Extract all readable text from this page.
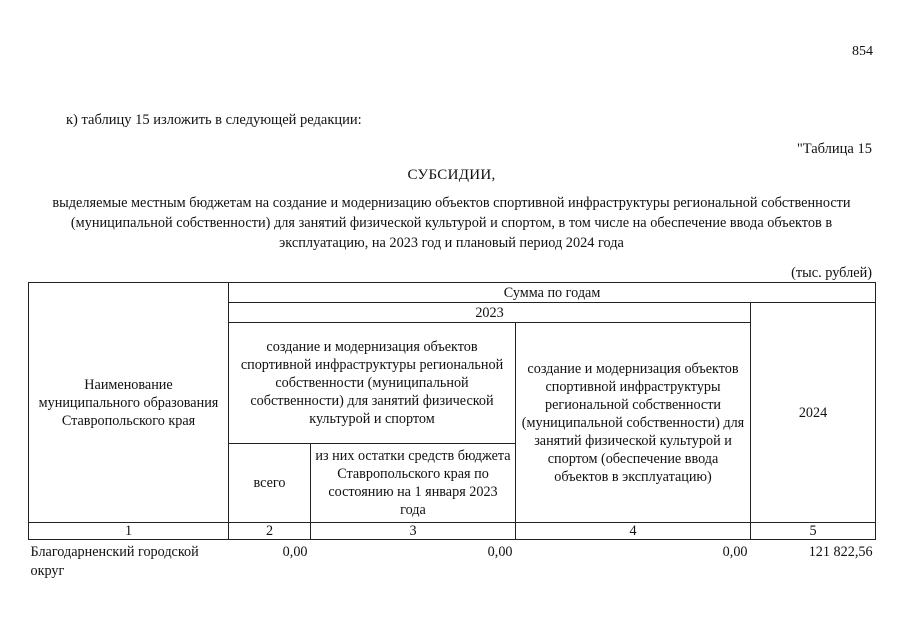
854
к) таблицу 15 изложить в следующей редакции:
"Таблица 15
СУБСИДИИ,
выделяемые местным бюджетам на создание и модернизацию объектов спортивной инфраструктуры региональной собственности (муниципальной собственности) для занятий физической культурой и спортом, в том числе на обеспечение ввода объектов в эксплуатацию, на 2023 год и плановый период 2024 года
(тыс. рублей)
Наименование муниципального образования Ставропольского края	Сумма по годам			
	2023			2024
	создание и модернизация объектов спортивной инфраструктуры региональной собственности (муниципальной собственности) для занятий физической культурой и спортом		создание и модернизация объектов спортивной инфраструктуры региональной собственности (муниципальной собственности) для занятий физической культурой и спортом (обеспечение ввода объектов в эксплуатацию)	
	всего	из них остатки средств бюджета Ставропольского края по состоянию на 1 января 2023 года		
1	2	3	4	5
Благодарненский городской округ	0,00	0,00	0,00	121 822,56
